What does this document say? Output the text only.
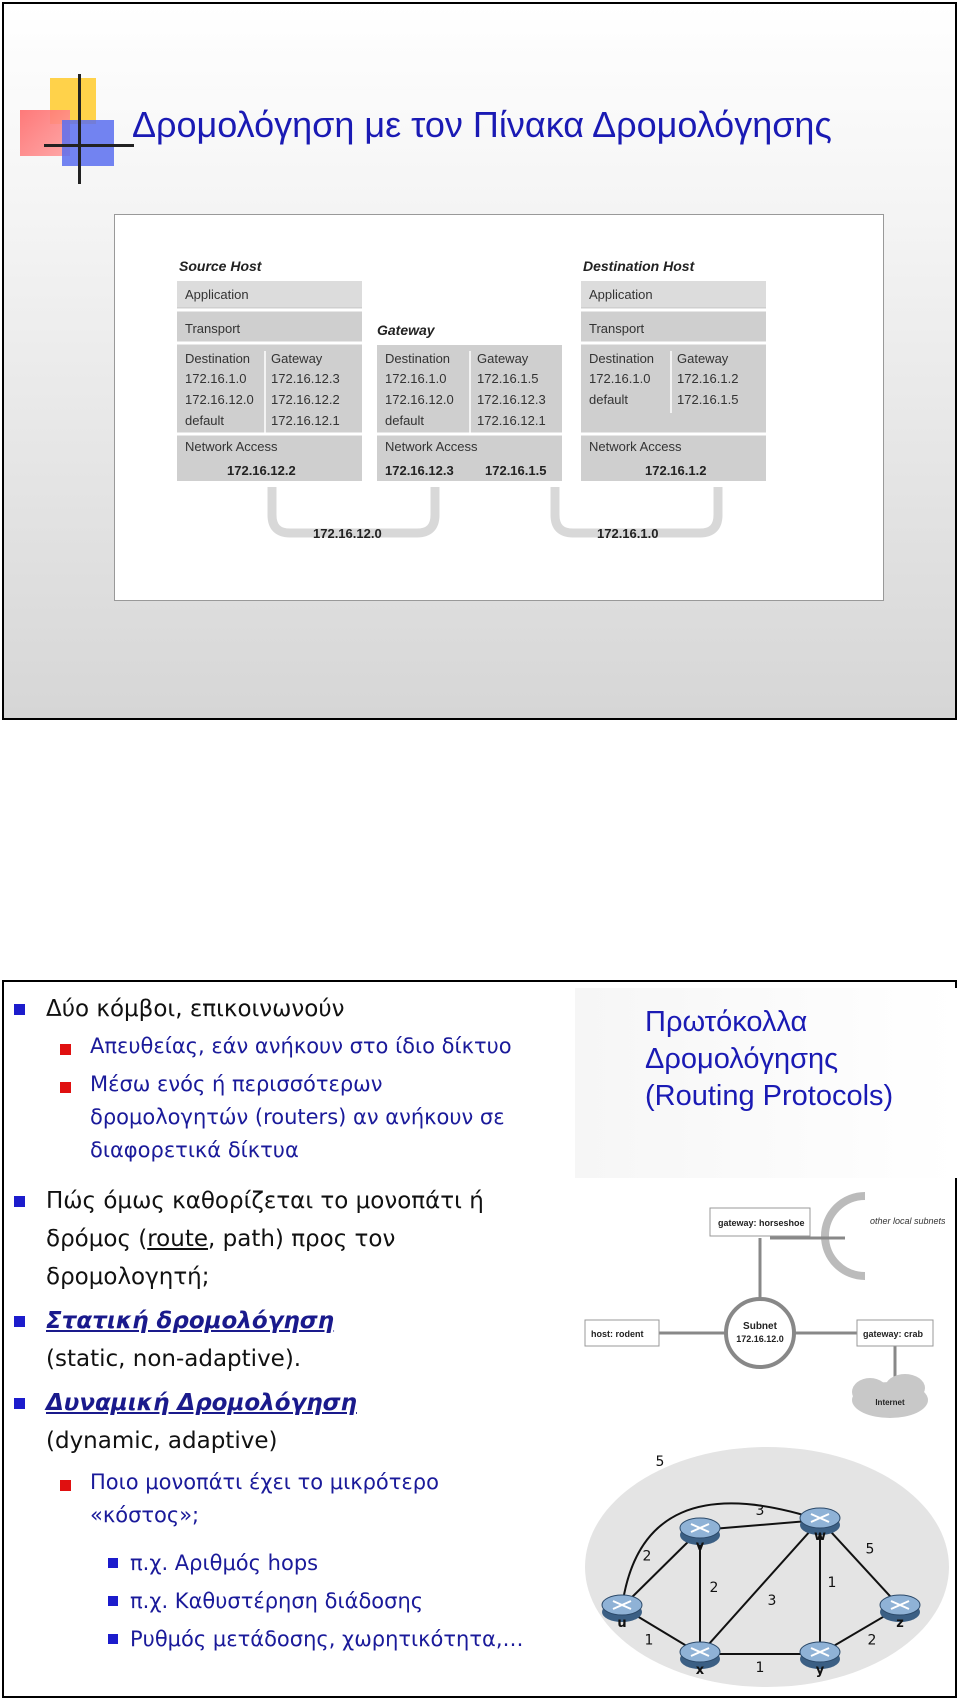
Δρομολόγηση με τον Πίνακα Δρομολόγησης
172.16.12.0	172.16.1.0
Source Host
Application
Transport
Destination Gateway
172.16.1.0 172.16.12.3
172.16.12.0 172.16.12.2
default	172.16.12.1
Network Access
172.16.12.2
Gateway
Destination Gateway
172.16.1.0 172.16.1.5
172.16.12.0 172.16.12.3
default	172.16.12.1
Network Access
172.16.12.3 172.16.1.5
Destination Host
Application
Transport
Destination Gateway
172.16.1.0 172.16.1.2
default	172.16.1.5
Network Access
172.16.1.2
Δύο κόμβοι, επικοινωνούν
Απευθείας, εάν ανήκουν στο ίδιο δίκτυο
Μέσω ενός ή περισσότερων
δρομολογητών (routers) αν ανήκουν σε
διαφορετικά δίκτυα
Πώς όμως καθορίζεται το μονοπάτι ή
δρόμος (route, path) προς τον
δρομολογητή;
Στατική δρομολόγηση
(static, non-adaptive).
Δυναμική Δρομολόγηση
(dynamic, adaptive)
Ποιο μονοπάτι έχει το μικρότερο
«κόστος»;
π.χ. Αριθμός hops
π.χ. Καθυστέρηση διάδοσης
Ρυθμός μετάδοσης, χωρητικότητα,…
Πρωτόκολλα
Δρομολόγησης
(Routing Protocols)
other local subnets
gateway: horseshoe
host: rodent
Subnet
172.16.12.0	gateway: crab
Internet
2
1
5
3
2
3
1
1
5
2
u
v
w
x	y
z
